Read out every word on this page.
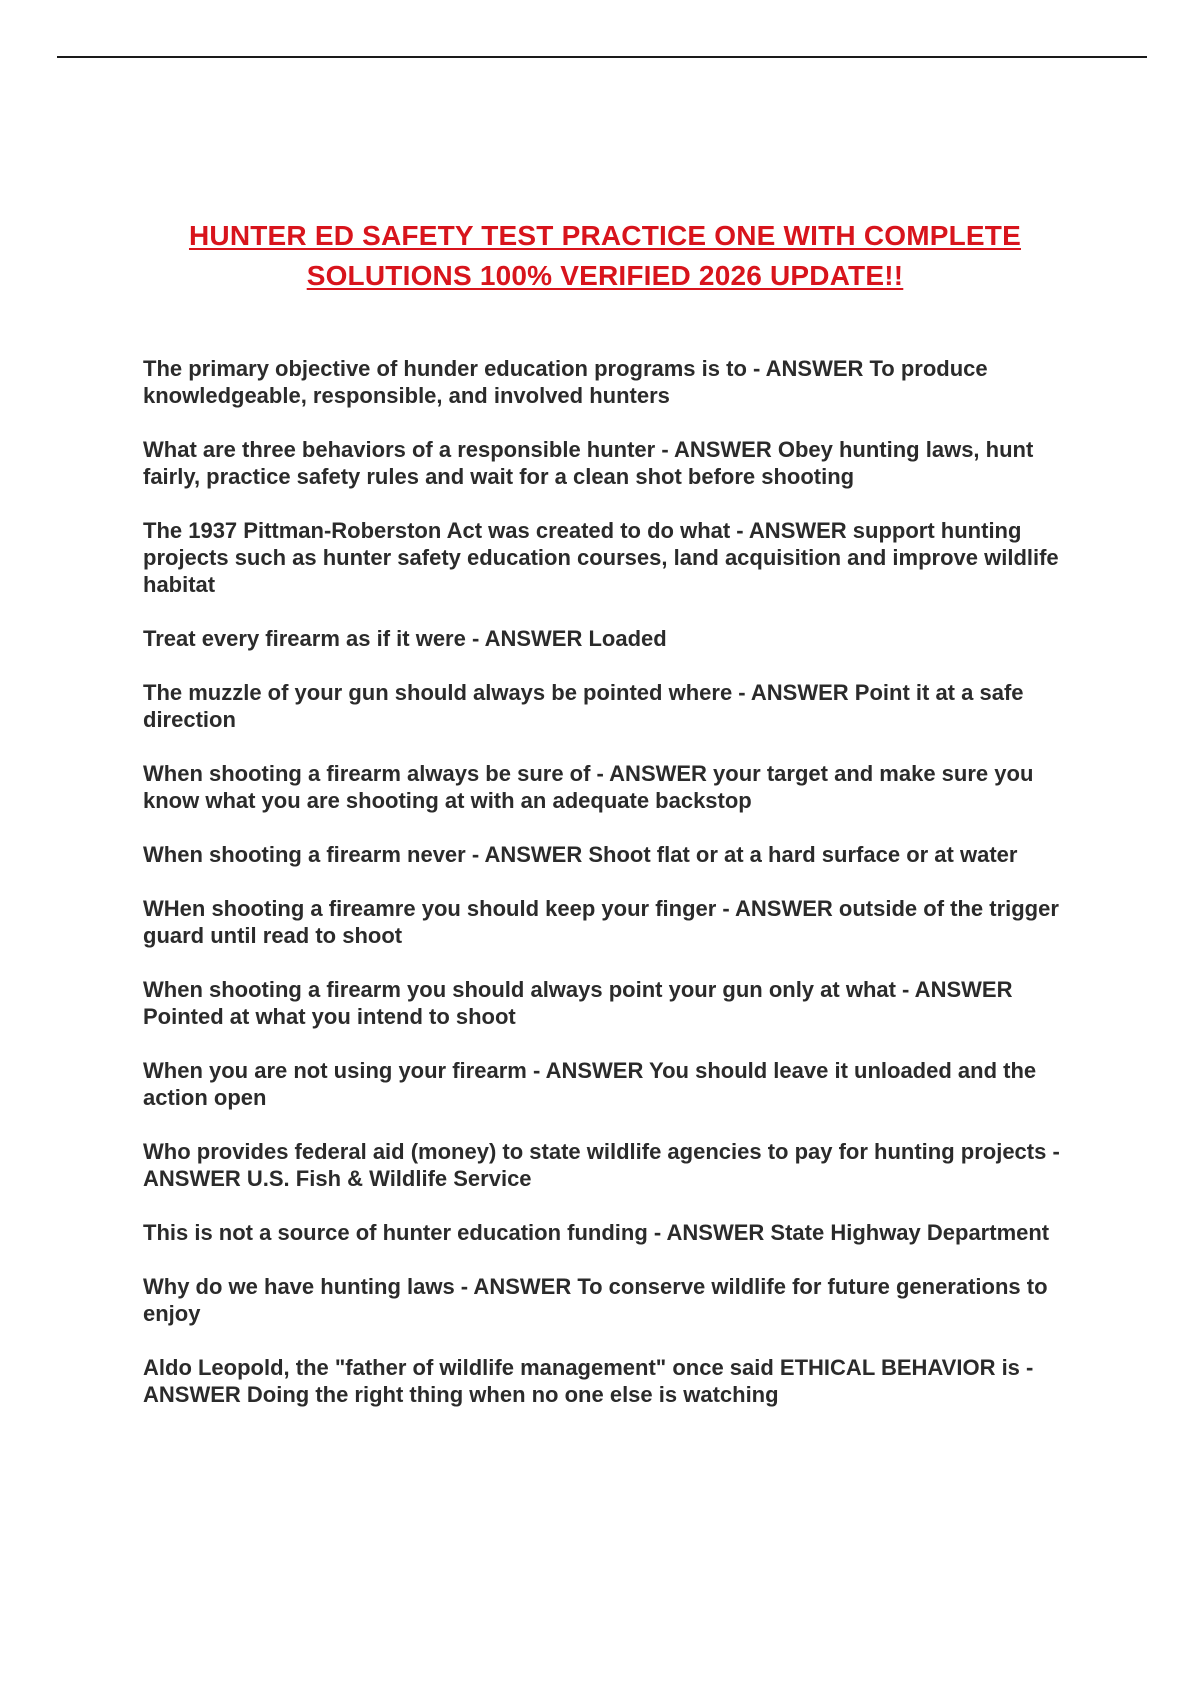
HUNTER ED SAFETY TEST PRACTICE ONE WITH COMPLETE
SOLUTIONS 100% VERIFIED 2026 UPDATE!!
The primary objective of hunder education programs is to - ANSWER To produce knowledgeable, responsible, and involved hunters
What are three behaviors of a responsible hunter - ANSWER Obey hunting laws, hunt fairly, practice safety rules and wait for a clean shot before shooting
The 1937 Pittman-Roberston Act was created to do what - ANSWER support hunting projects such as hunter safety education courses, land acquisition and improve wildlife habitat
Treat every firearm as if it were - ANSWER Loaded
The muzzle of your gun should always be pointed where - ANSWER Point it at a safe direction
When shooting a firearm always be sure of - ANSWER your target and make sure you know what you are shooting at with an adequate backstop
When shooting a firearm never - ANSWER Shoot flat or at a hard surface or at water
WHen shooting a fireamre you should keep your finger - ANSWER outside of the trigger guard until read to shoot
When shooting a firearm you should always point your gun only at what - ANSWER Pointed at what you intend to shoot
When you are not using your firearm - ANSWER You should leave it unloaded and the action open
Who provides federal aid (money) to state wildlife agencies to pay for hunting projects - ANSWER U.S. Fish & Wildlife Service
This is not a source of hunter education funding - ANSWER State Highway Department
Why do we have hunting laws - ANSWER To conserve wildlife for future generations to enjoy
Aldo Leopold, the "father of wildlife management" once said ETHICAL BEHAVIOR is - ANSWER Doing the right thing when no one else is watching
